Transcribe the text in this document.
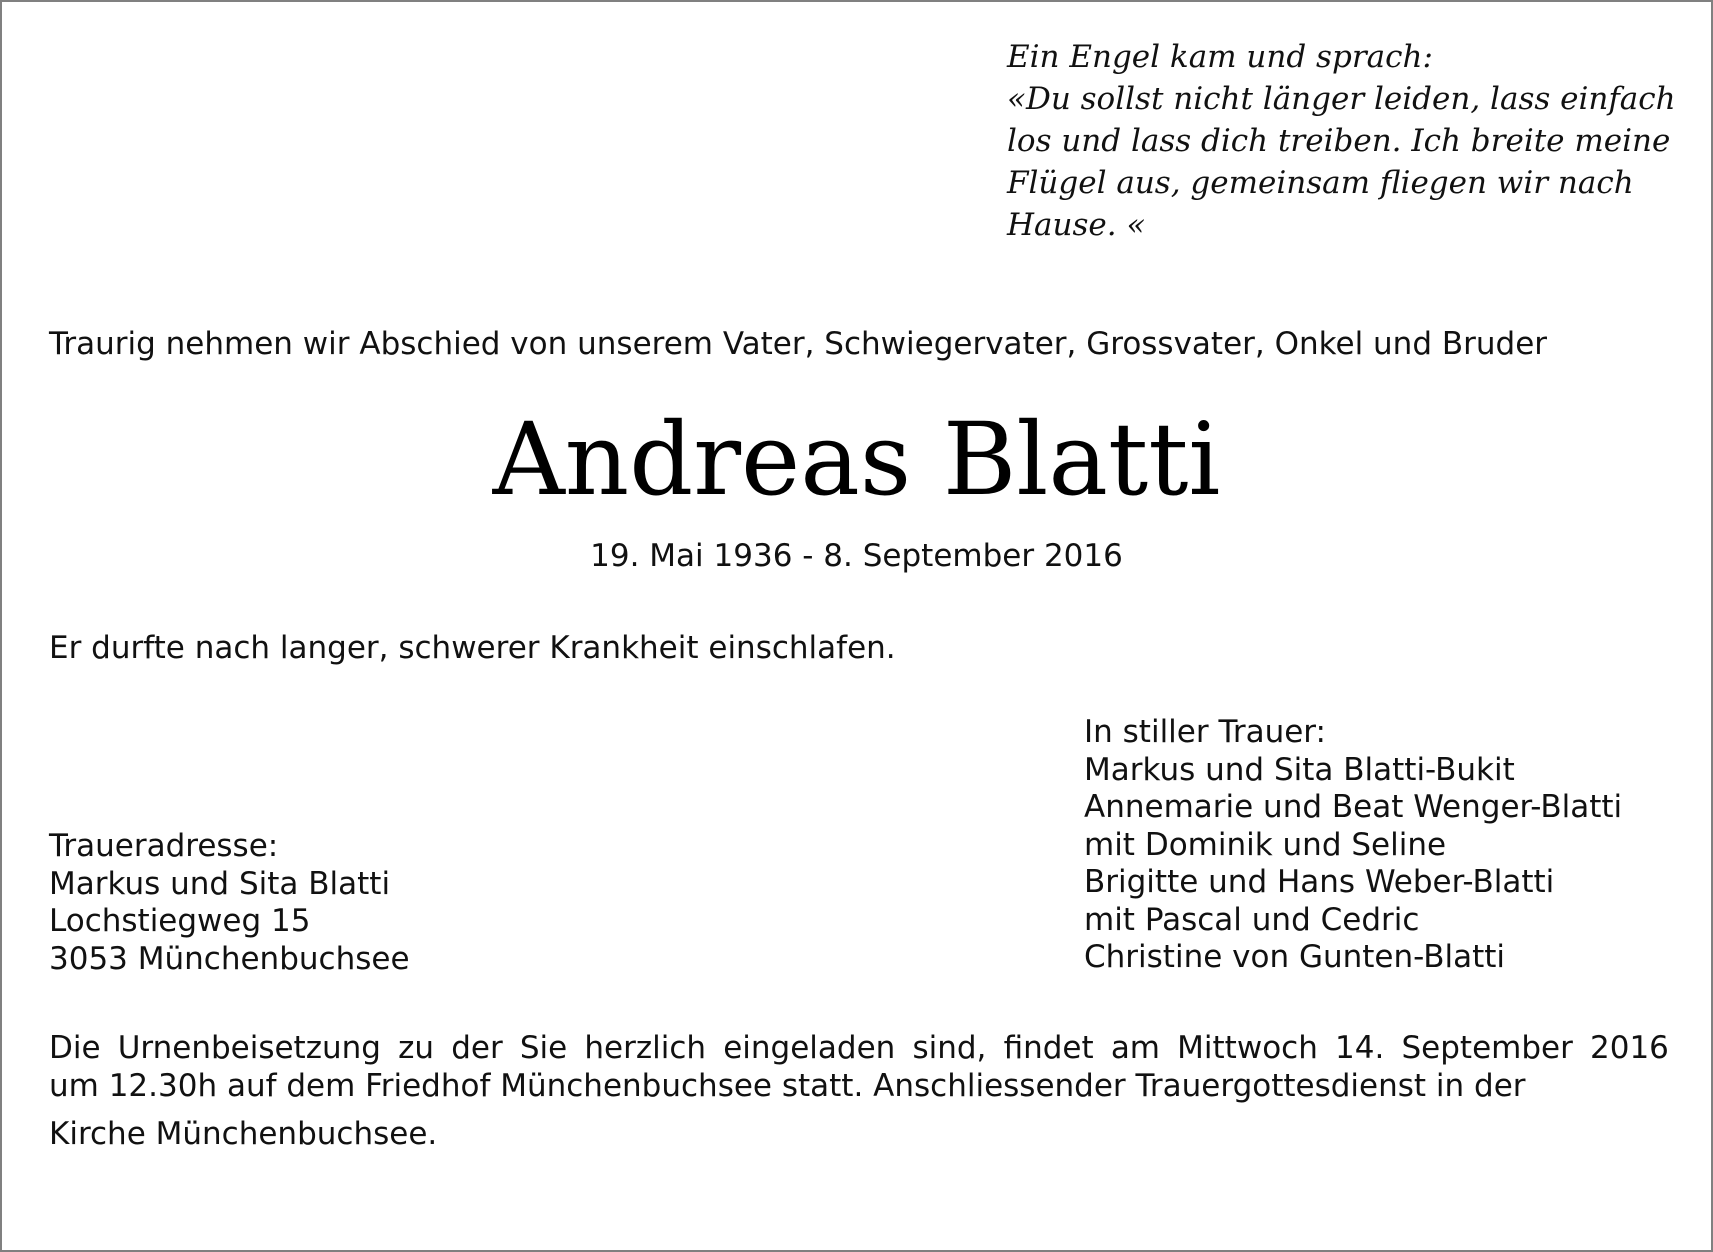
Ein Engel kam und sprach:
«Du sollst nicht länger leiden, lass einfach
los und lass dich treiben. Ich breite meine
Flügel aus, gemeinsam fliegen wir nach
Hause. «
Traurig nehmen wir Abschied von unserem Vater, Schwiegervater, Grossvater, Onkel und Bruder
Andreas Blatti
19. Mai 1936 - 8. September 2016
Er durfte nach langer, schwerer Krankheit einschlafen.
In stiller Trauer:
Markus und Sita Blatti-Bukit
Annemarie und Beat Wenger-Blatti
mit Dominik und Seline
Brigitte und Hans Weber-Blatti
mit Pascal und Cedric
Christine von Gunten-Blatti
Traueradresse:
Markus und Sita Blatti
Lochstiegweg 15
3053 Münchenbuchsee
Die Urnenbeisetzung zu der Sie herzlich eingeladen sind, findet am Mittwoch 14. September 2016
um 12.30h auf dem Friedhof Münchenbuchsee statt. Anschliessender Trauergottesdienst in der
Kirche Münchenbuchsee.
